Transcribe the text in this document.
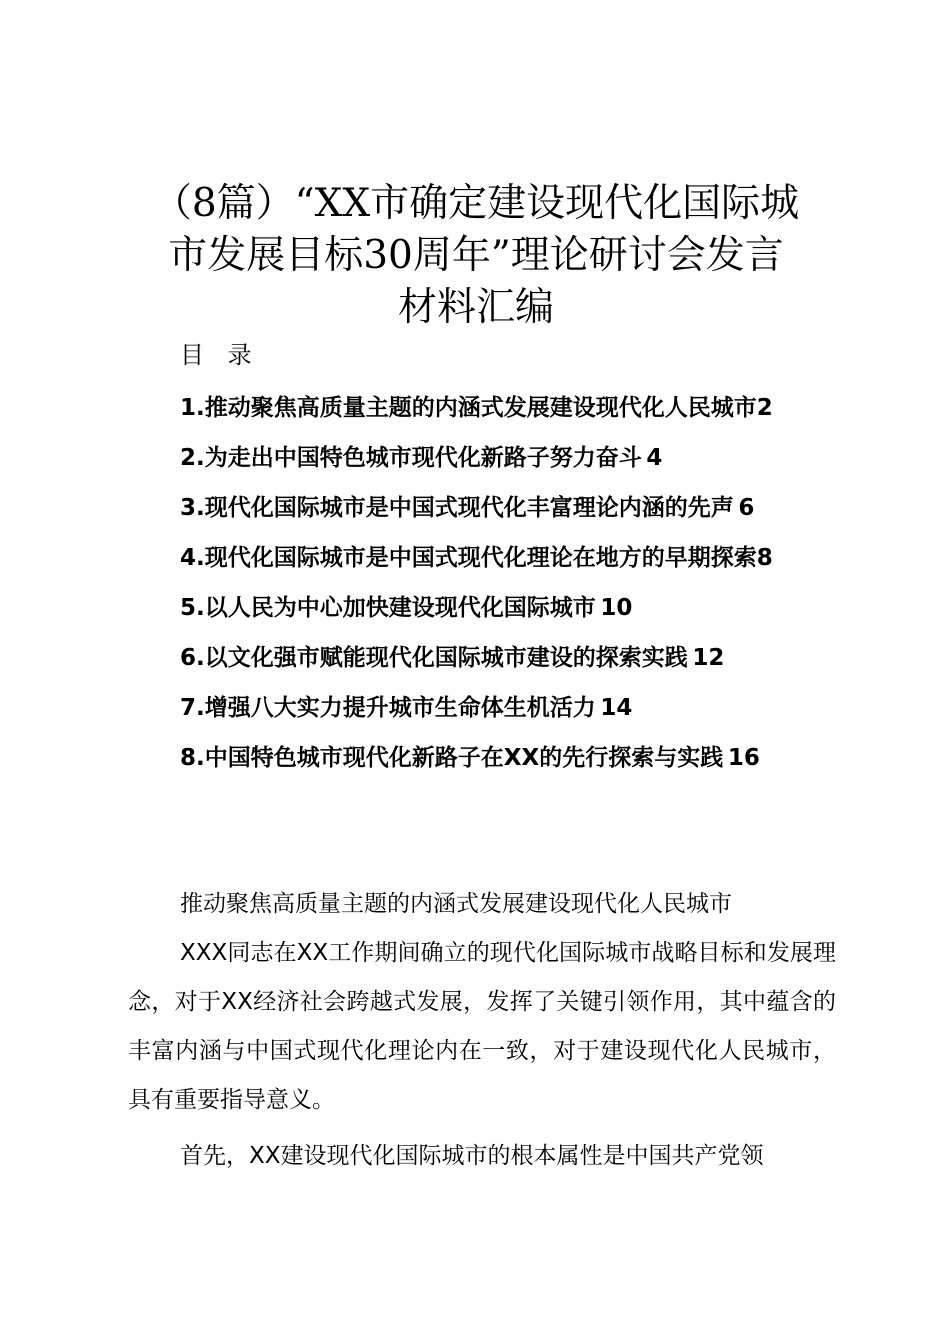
（8篇）“XX市确定建设现代化国际城
市发展目标30周年”理论研讨会发言
材料汇编
目 录
1.推动聚焦高质量主题的内涵式发展建设现代化人民城市2
2.为走出中国特色城市现代化新路子努力奋斗  4
3.现代化国际城市是中国式现代化丰富理论内涵的先声  6
4.现代化国际城市是中国式现代化理论在地方的早期探索8
5.以人民为中心加快建设现代化国际城市  10
6.以文化强市赋能现代化国际城市建设的探索实践  12
7.增强八大实力提升城市生命体生机活力  14
8.中国特色城市现代化新路子在XX的先行探索与实践  16

推动聚焦高质量主题的内涵式发展建设现代化人民城市

XXX同志在XX工作期间确立的现代化国际城市战略目标和发展理念，对于XX经济社会跨越式发展，发挥了关键引领作用，其中蕴含的丰富内涵与中国式现代化理论内在一致，对于建设现代化人民城市，具有重要指导意义。

首先，XX建设现代化国际城市的根本属性是中国共产党领
